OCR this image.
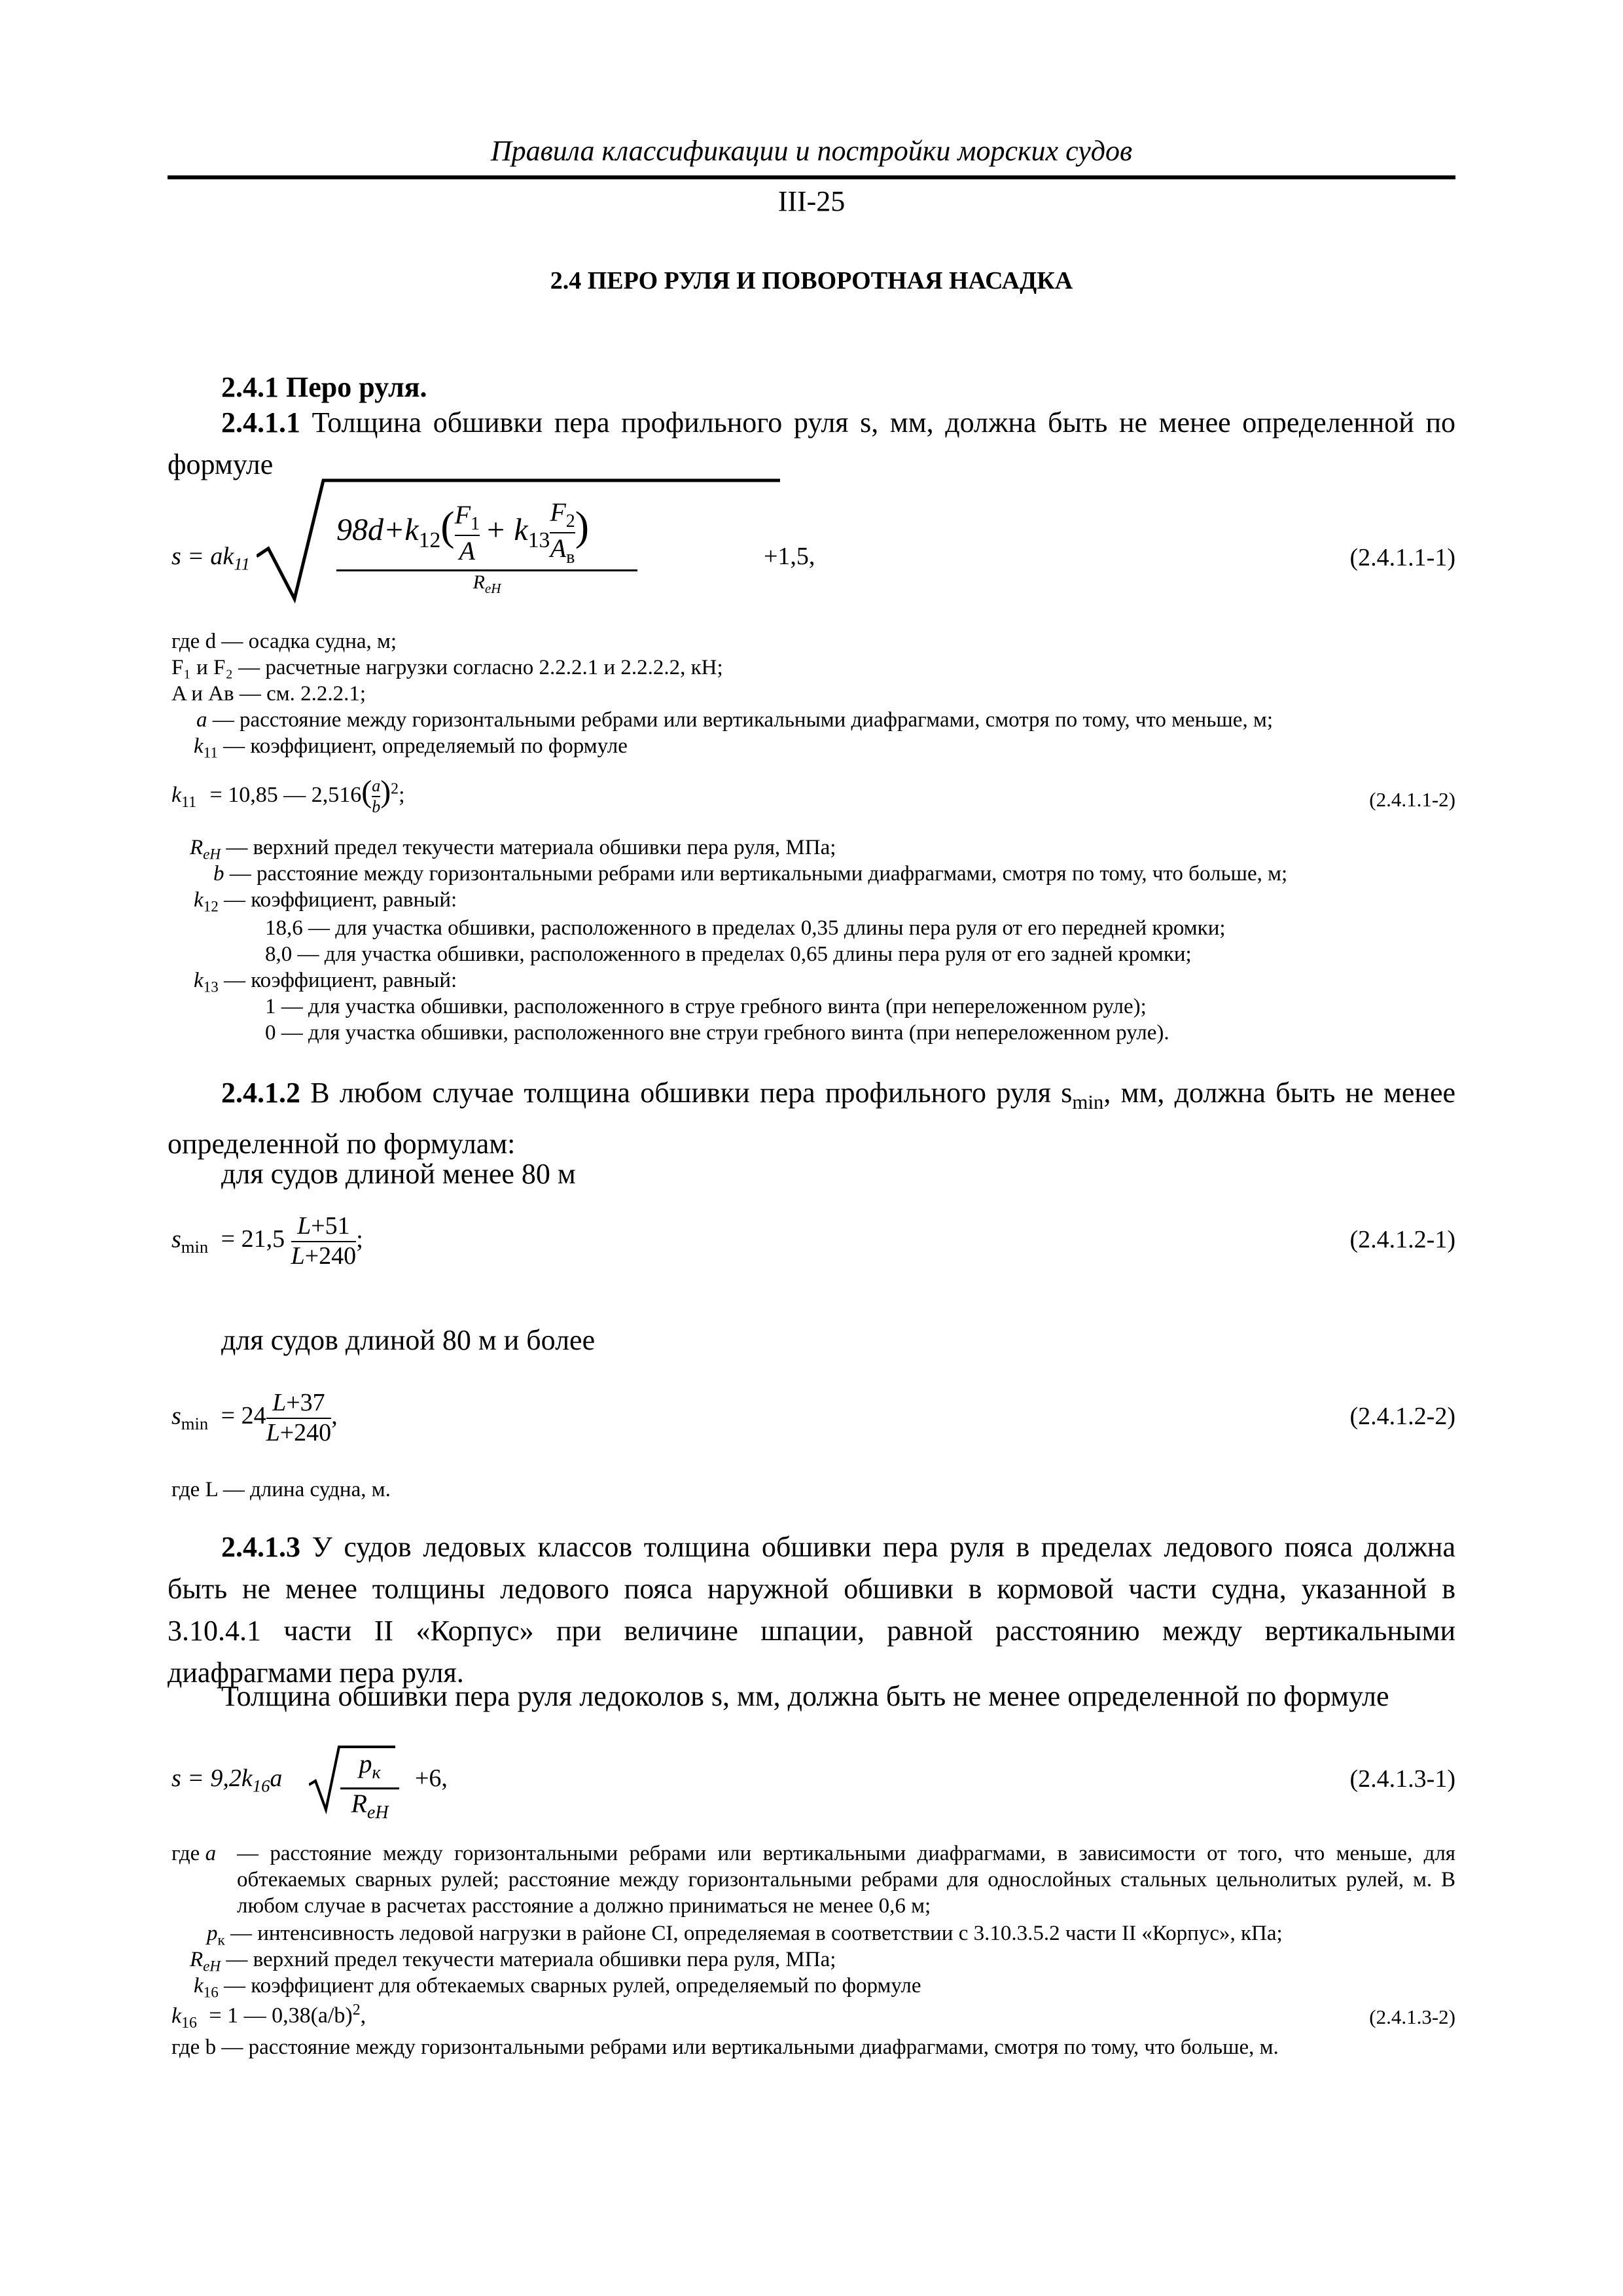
Правила классификации и постройки морских судов
III-25
2.4 ПЕРО РУЛЯ И ПОВОРОТНАЯ НАСАДКА
2.4.1 Перо руля.
2.4.1.1 Толщина обшивки пера профильного руля s, мм, должна быть не менее определенной по формуле
$s = ak_{11}$
$98d+k_{12}( \frac{F_1}{A} + k_{13} \frac{F_2}{A_в}$ )
$R_{eH}$
+1,5,	(2.4.1.1-1)
где d — осадка судна, м;
F₁ и F₂ — расчетные нагрузки согласно 2.2.2.1 и 2.2.2.2, кН;
A и Aв — см. 2.2.2.1;
a — расстояние между горизонтальными ребрами или вертикальными диафрагмами, смотря по тому, что меньше, м;
$k_{11}$ — коэффициент, определяемый по формуле
$k_{11} = 10,85$ — $2,516( \frac{a}{b} )^2$;	(2.4.1.1-2)
$R_{eH}$ — верхний предел текучести материала обшивки пера руля, МПа;
b — расстояние между горизонтальными ребрами или вертикальными диафрагмами, смотря по тому, что больше, м;
$k_{12}$ — коэффициент, равный:
18,6 — для участка обшивки, расположенного в пределах 0,35 длины пера руля от его передней кромки;
8,0 — для участка обшивки, расположенного в пределах 0,65 длины пера руля от его задней кромки;
$k_{13}$ — коэффициент, равный:
1 — для участка обшивки, расположенного в струе гребного винта (при непереложенном руле);
0 — для участка обшивки, расположенного вне струи гребного винта (при непереложенном руле).
2.4.1.2 В любом случае толщина обшивки пера профильного руля $s_{min}$, мм, должна быть не менее определенной по формулам:
для судов длиной менее 80 м
$s_{min} = 21,5 \frac{L+51}{L+240}$ ;	(2.4.1.2-1)
для судов длиной 80 м и более
$s_{min} = 24 \frac{L+37}{L+240}$ ,	(2.4.1.2-2)
где L — длина судна, м.
2.4.1.3 У судов ледовых классов толщина обшивки пера руля в пределах ледового пояса должна быть не менее толщины ледового пояса наружной обшивки в кормовой части судна, указанной в 3.10.4.1 части II «Корпус» при величине шпации, равной расстоянию между вертикальными диафрагмами пера руля.
Толщина обшивки пера руля ледоколов s, мм, должна быть не менее определенной по формуле
$s = 9,2k_{16}a$	$p_к$
$R_{eH}$
+6,	(2.4.1.3-1)
где a — расстояние между горизонтальными ребрами или вертикальными диафрагмами, в зависимости от того, что меньше, для обтекаемых сварных рулей; расстояние между горизонтальными ребрами для однослойных стальных цельнолитых рулей, м. В любом случае в расчетах расстояние a должно приниматься не менее 0,6 м;
$p_к$ — интенсивность ледовой нагрузки в районе CI, определяемая в соответствии с 3.10.3.5.2 части II «Корпус», кПа;
$R_{eH}$ — верхний предел текучести материала обшивки пера руля, МПа;
$k_{16}$ — коэффициент для обтекаемых сварных рулей, определяемый по формуле
$k_{16} = 1$ — $0,38(a/b)^2$,	(2.4.1.3-2)
где b — расстояние между горизонтальными ребрами или вертикальными диафрагмами, смотря по тому, что больше, м.
